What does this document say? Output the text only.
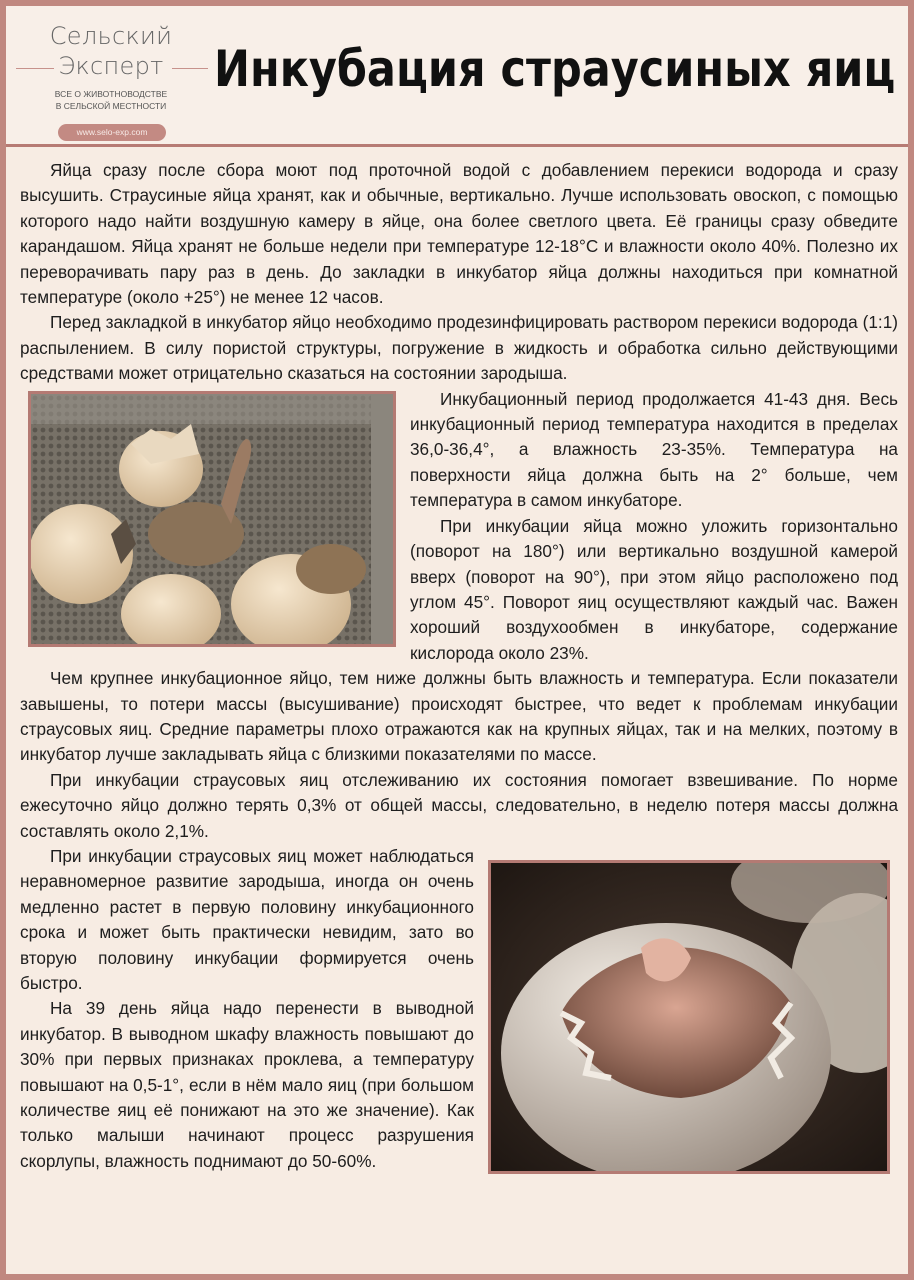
Сельский
Эксперт
ВСЕ О ЖИВОТНОВОДСТВЕ
В СЕЛЬСКОЙ МЕСТНОСТИ
www.selo-exp.com
Инкубация страусиных яиц

Яйца сразу после сбора моют под проточной водой с добавлением перекиси водорода и сразу высушить. Страусиные яйца хранят, как и обычные, вертикально. Лучше использовать овоскоп, с помощью которого надо найти воздушную камеру в яйце, она более светлого цвета. Её границы сразу обведите карандашом. Яйца хранят не больше недели при температуре 12-18°С и влажности около 40%. Полезно их переворачивать пару раз в день. До закладки в инкубатор яйца должны находиться при комнатной температуре (около +25°) не менее 12 часов.

Перед закладкой в инкубатор яйцо необходимо продезинфицировать раствором перекиси водорода (1:1) распылением. В силу пористой структуры, погружение в жидкость и обработка сильно действующими средствами может отрицательно сказаться на состоянии зародыша.

Инкубационный период продолжается 41-43 дня. Весь инкубационный период температура находится в пределах 36,0-36,4°, а влажность 23-35%. Температура на поверхности яйца должна быть на 2° больше, чем температура в самом инкубаторе.

При инкубации яйца можно уложить горизонтально (поворот на 180°) или вертикально воздушной камерой вверх (поворот на 90°), при этом яйцо расположено под углом 45°. Поворот яиц осуществляют каждый час. Важен хороший воздухообмен в инкубаторе, содержание кислорода около 23%.

Чем крупнее инкубационное яйцо, тем ниже должны быть влажность и температура. Если показатели завышены, то потери массы (высушивание) происходят быстрее, что ведет к проблемам инкубации страусовых яиц. Средние параметры плохо отражаются как на крупных яйцах, так и на мелких, поэтому в инкубатор лучше закладывать яйца с близкими показателями по массе.

При инкубации страусовых яиц отслеживанию их состояния помогает взвешивание. По норме ежесуточно яйцо должно терять 0,3% от общей массы, следовательно, в неделю потеря массы должна составлять около 2,1%.

При инкубации страусовых яиц может наблюдаться неравномерное развитие зародыша, иногда он очень медленно растет в первую половину инкубационного срока и может быть практически невидим, зато во вторую половину инкубации формируется очень быстро.

На 39 день яйца надо перенести в выводной инкубатор. В выводном шкафу влажность повышают до 30% при первых признаках проклева, а температуру повышают на 0,5-1°, если в нём мало яиц (при большом количестве яиц её понижают на это же значение). Как только малыши начинают процесс разрушения скорлупы, влажность поднимают до 50-60%.
